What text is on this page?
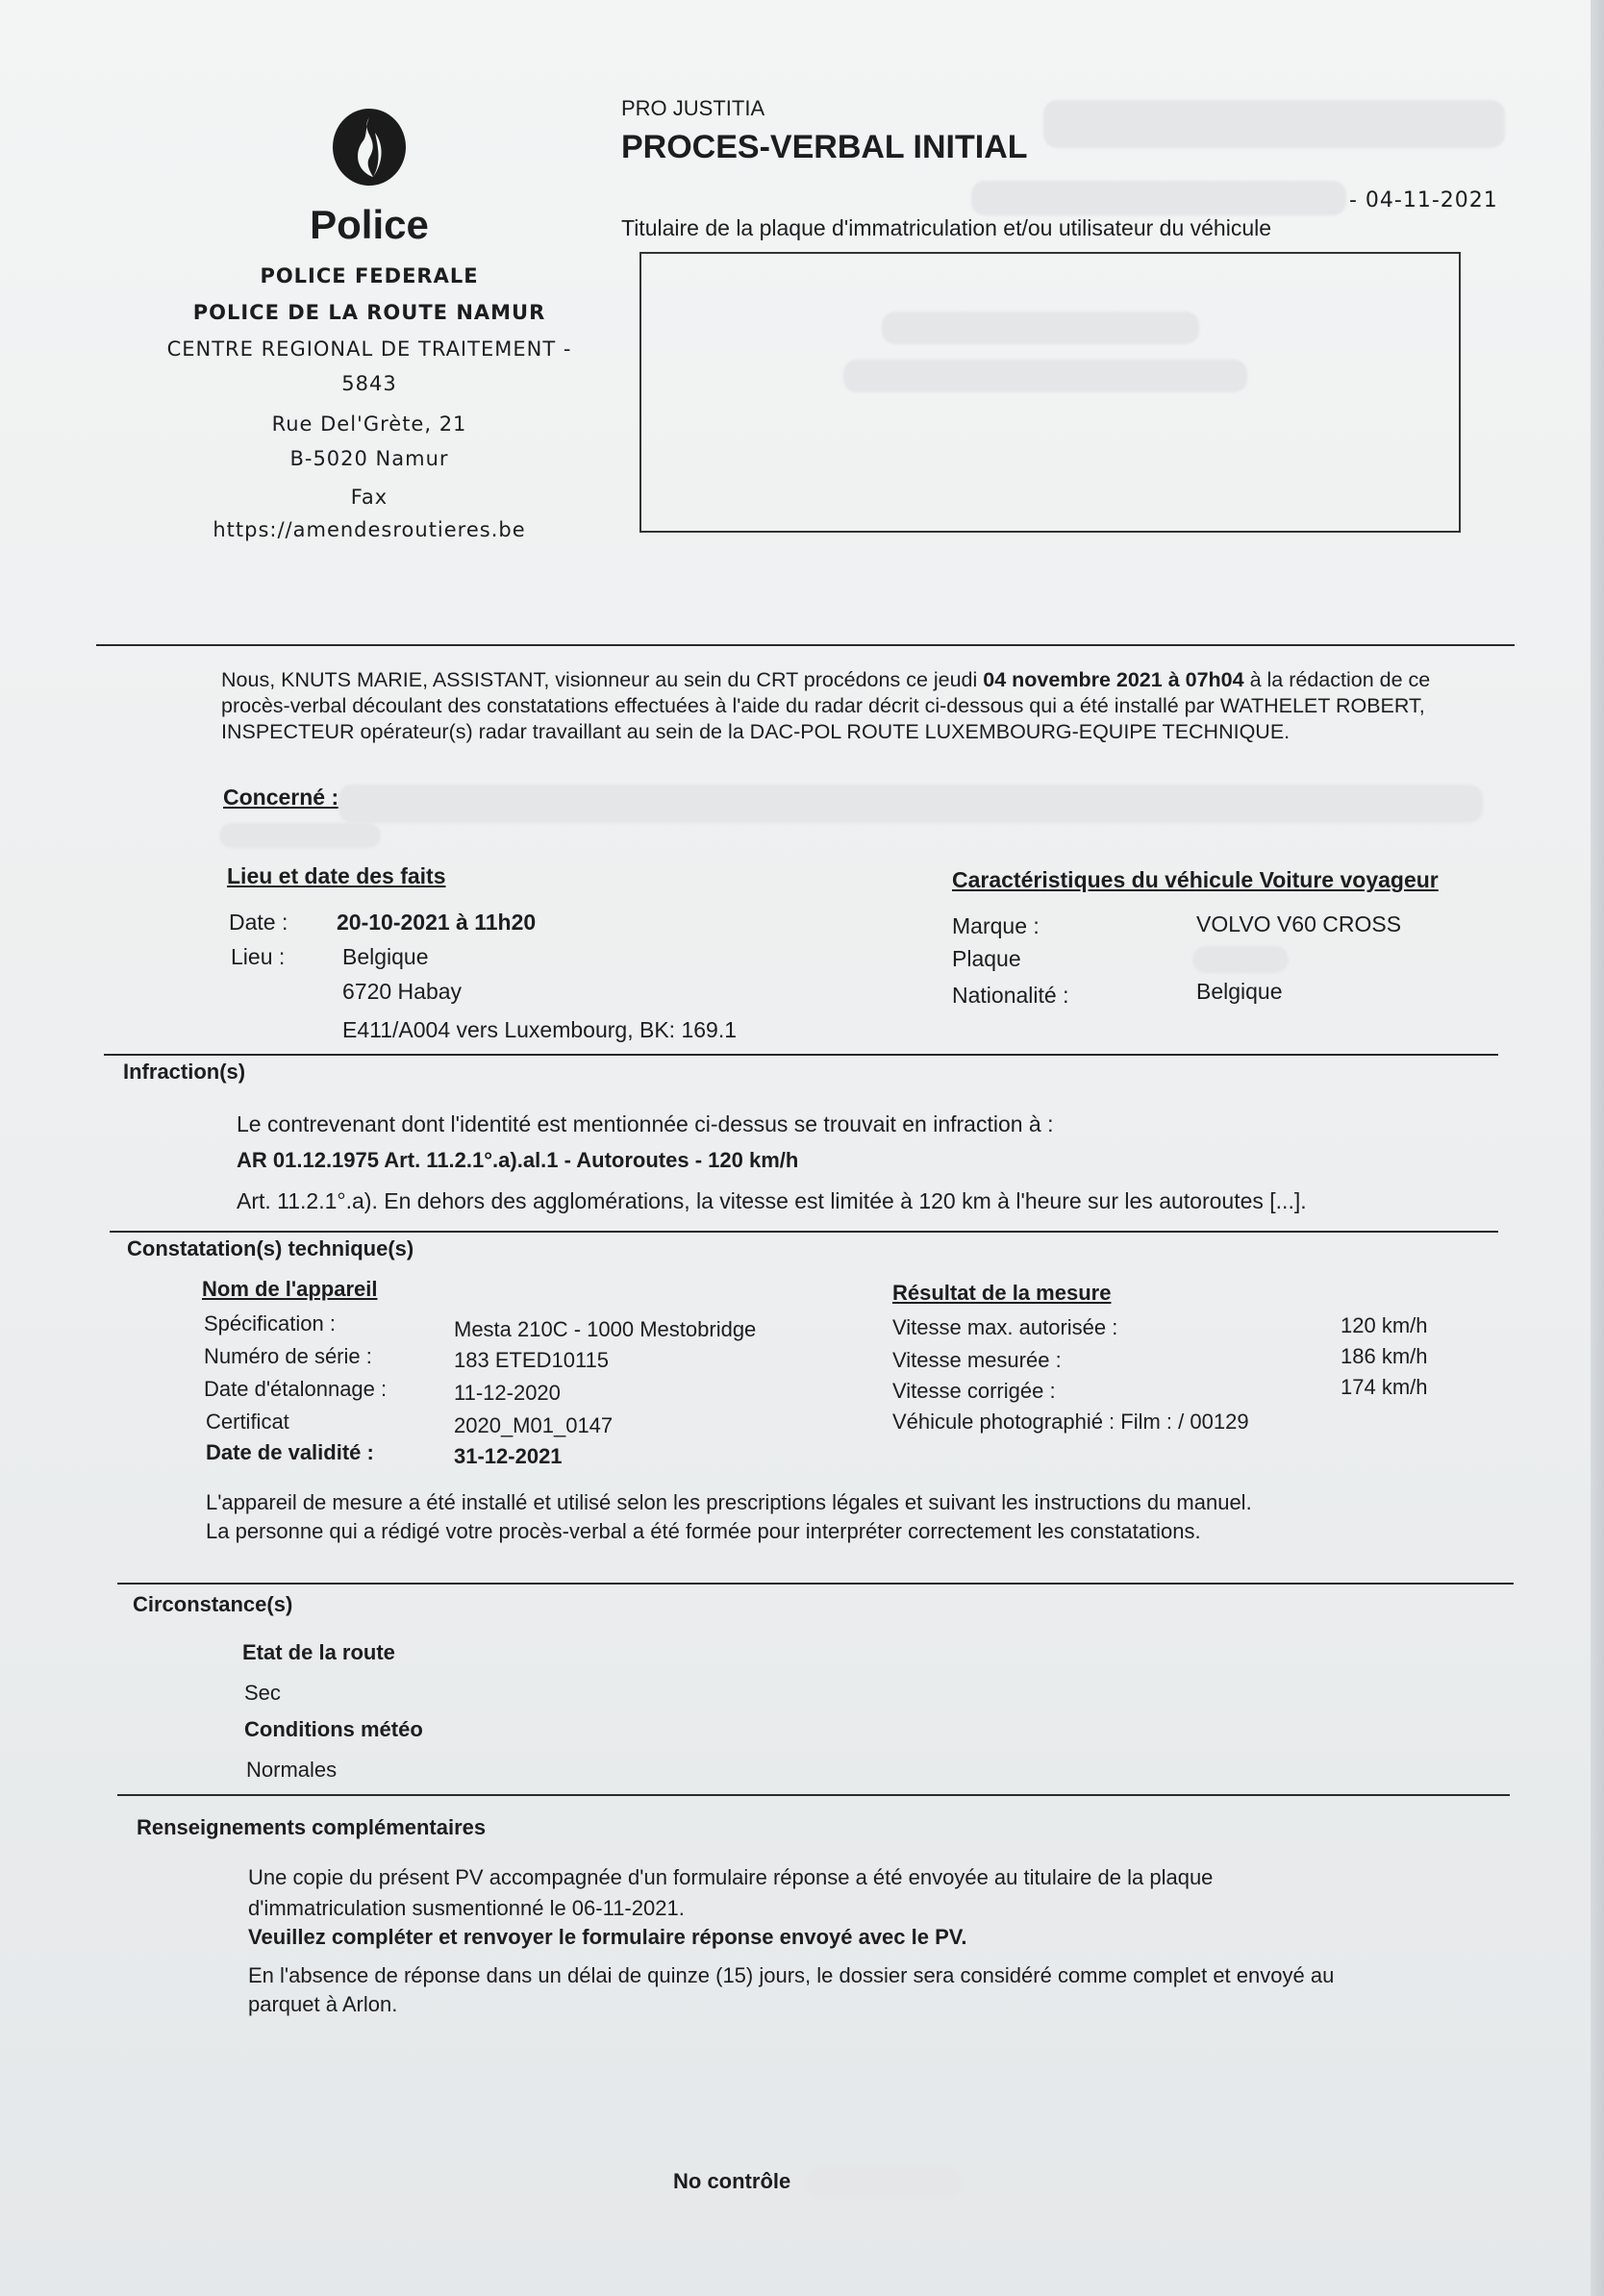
Police
POLICE FEDERALE
POLICE DE LA ROUTE NAMUR
CENTRE REGIONAL DE TRAITEMENT -
5843
Rue Del'Grète, 21
B-5020 Namur
Fax
https://amendesroutieres.be
PRO JUSTITIA
PROCES-VERBAL INITIAL
- 04-11-2021
Titulaire de la plaque d'immatriculation et/ou utilisateur du véhicule
Nous, KNUTS MARIE, ASSISTANT, visionneur au sein du CRT procédons ce jeudi 04 novembre 2021 à 07h04 à la rédaction de ce procès-verbal découlant des constatations effectuées à l'aide du radar décrit ci-dessous qui a été installé par WATHELET ROBERT, INSPECTEUR opérateur(s) radar travaillant au sein de la DAC-POL ROUTE LUXEMBOURG-EQUIPE TECHNIQUE.
Concerné :
Lieu et date des faits
Date : 20-10-2021 à 11h20
Lieu :	Belgique
6720 Habay
E411/A004 vers Luxembourg, BK: 169.1
Caractéristiques du véhicule Voiture voyageur
Marque :	VOLVO V60 CROSS
Plaque
Nationalité :	Belgique
Infraction(s)
Le contrevenant dont l'identité est mentionnée ci-dessus se trouvait en infraction à :
AR 01.12.1975 Art. 11.2.1°.a).al.1 - Autoroutes - 120 km/h
Art. 11.2.1°.a). En dehors des agglomérations, la vitesse est limitée à 120 km à l'heure sur les autoroutes [...].
Constatation(s) technique(s)
Nom de l'appareil
Spécification :	Mesta 210C - 1000 Mestobridge
Numéro de série :	183 ETED10115
Date d'étalonnage :	11-12-2020
Certificat	2020_M01_0147
Date de validité :	31-12-2021
Résultat de la mesure
Vitesse max. autorisée :	120 km/h
Vitesse mesurée :	186 km/h
Vitesse corrigée :	174 km/h
Véhicule photographié : Film : / 00129
L'appareil de mesure a été installé et utilisé selon les prescriptions légales et suivant les instructions du manuel.
La personne qui a rédigé votre procès-verbal a été formée pour interpréter correctement les constatations.
Circonstance(s)
Etat de la route
Sec
Conditions météo
Normales
Renseignements complémentaires
Une copie du présent PV accompagnée d'un formulaire réponse a été envoyée au titulaire de la plaque
d'immatriculation susmentionné le 06-11-2021.
Veuillez compléter et renvoyer le formulaire réponse envoyé avec le PV.
En l'absence de réponse dans un délai de quinze (15) jours, le dossier sera considéré comme complet et envoyé au
parquet à Arlon.
No contrôle
